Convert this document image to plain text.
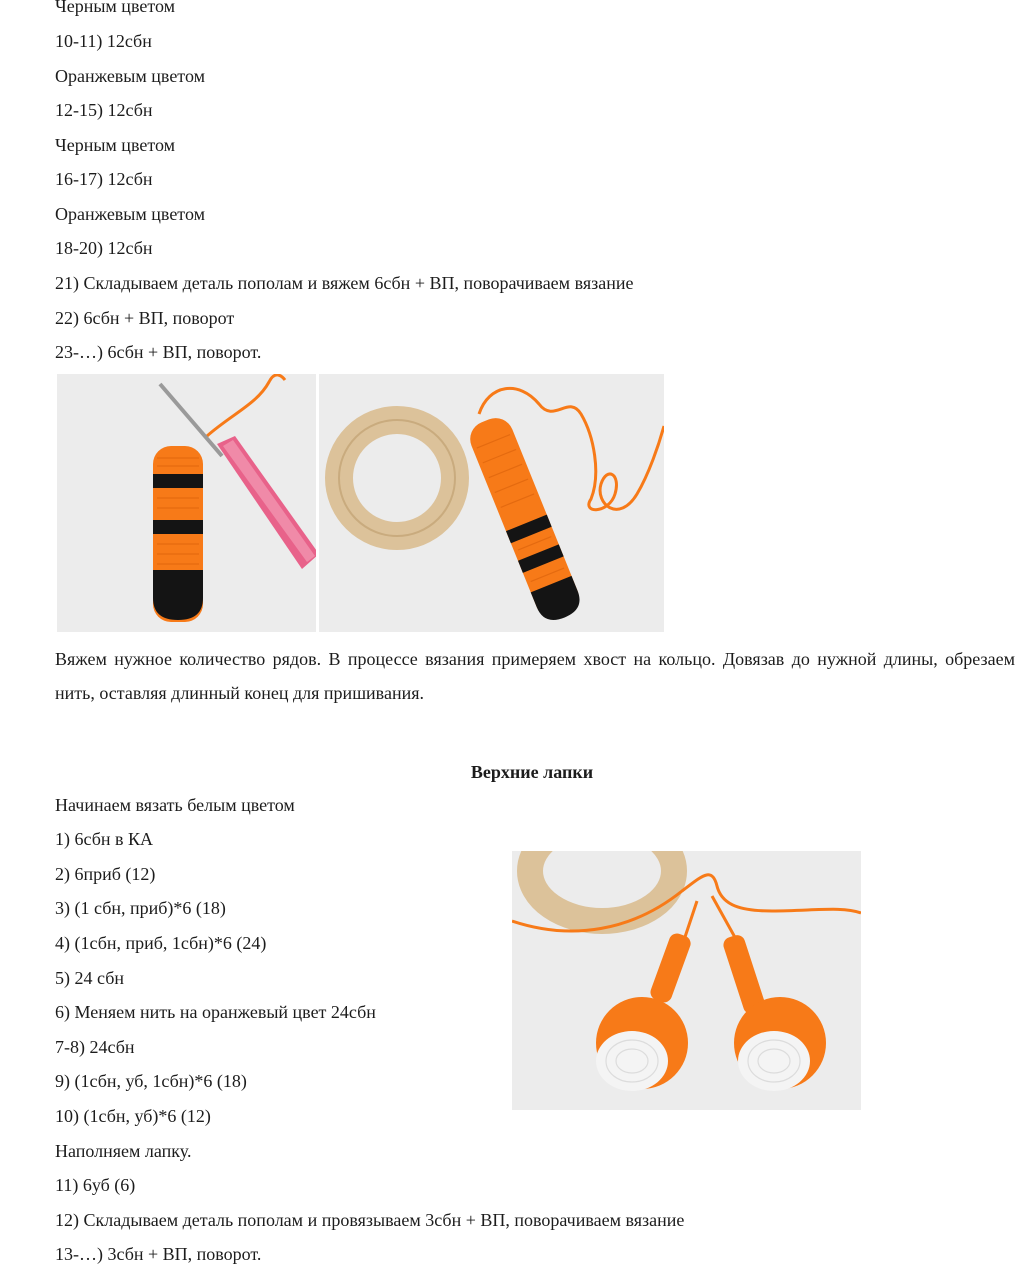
Черным цветом
10-11) 12сбн
Оранжевым цветом
12-15) 12сбн
Черным цветом
16-17) 12сбн
Оранжевым цветом
18-20) 12сбн
21) Складываем деталь пополам и вяжем 6сбн + ВП, поворачиваем вязание
22) 6сбн + ВП, поворот
23-…) 6сбн + ВП, поворот.
Вяжем нужное количество рядов. В процессе вязания примеряем хвост на кольцо. Довязав до нужной длины, обрезаем нить, оставляя длинный конец для пришивания.
Верхние лапки
Начинаем вязать белым цветом
1) 6сбн в КА
2) 6приб (12)
3) (1 сбн, приб)*6 (18)
4) (1сбн, приб, 1сбн)*6 (24)
5) 24 сбн
6) Меняем нить на оранжевый цвет 24сбн
7-8) 24сбн
9) (1сбн, уб, 1сбн)*6 (18)
10) (1сбн, уб)*6 (12)
Наполняем лапку.
11) 6уб (6)
12) Складываем деталь пополам и провязываем 3сбн + ВП, поворачиваем вязание
13-…) 3сбн + ВП, поворот.
